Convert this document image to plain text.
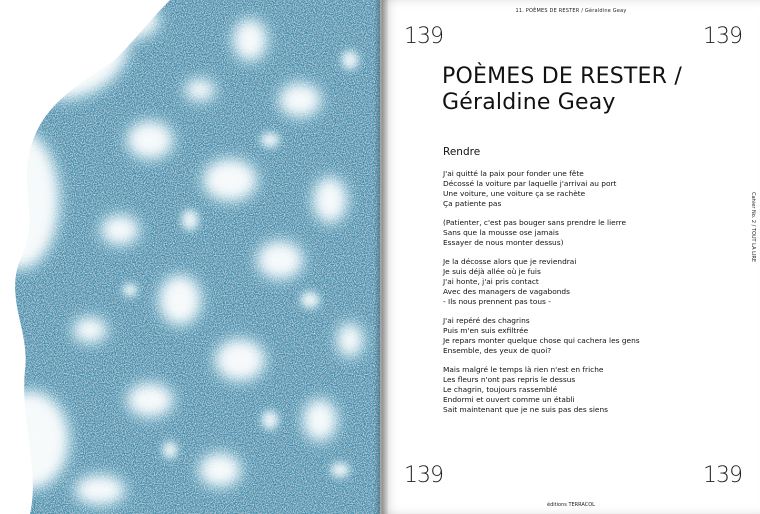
11. POÈMES DE RESTER / Géraldine Geay
139	139
POÈMES DE RESTER /
Géraldine Geay
Rendre
J'ai quitté la paix pour fonder une fête
Décossé la voiture par laquelle j'arrivai au port
Une voiture, une voiture ça se rachète
Ça patiente pas
(Patienter, c'est pas bouger sans prendre le lierre
Sans que la mousse ose jamais
Essayer de nous monter dessus)
Je la décosse alors que je reviendrai
Je suis déjà allée où je fuis
J'ai honte, j'ai pris contact
Avec des managers de vagabonds
- Ils nous prennent pas tous -
J'ai repéré des chagrins
Puis m'en suis exfiltrée
Je repars monter quelque chose qui cachera les gens
Ensemble, des yeux de quoi?
Mais malgré le temps là rien n'est en friche
Les fleurs n'ont pas repris le dessus
Le chagrin, toujours rassemblé
Endormi et ouvert comme un établi
Sait maintenant que je ne suis pas des siens
Cahier No. 2 / TOUT LA LIRE
139	139
éditions TERRACOL
